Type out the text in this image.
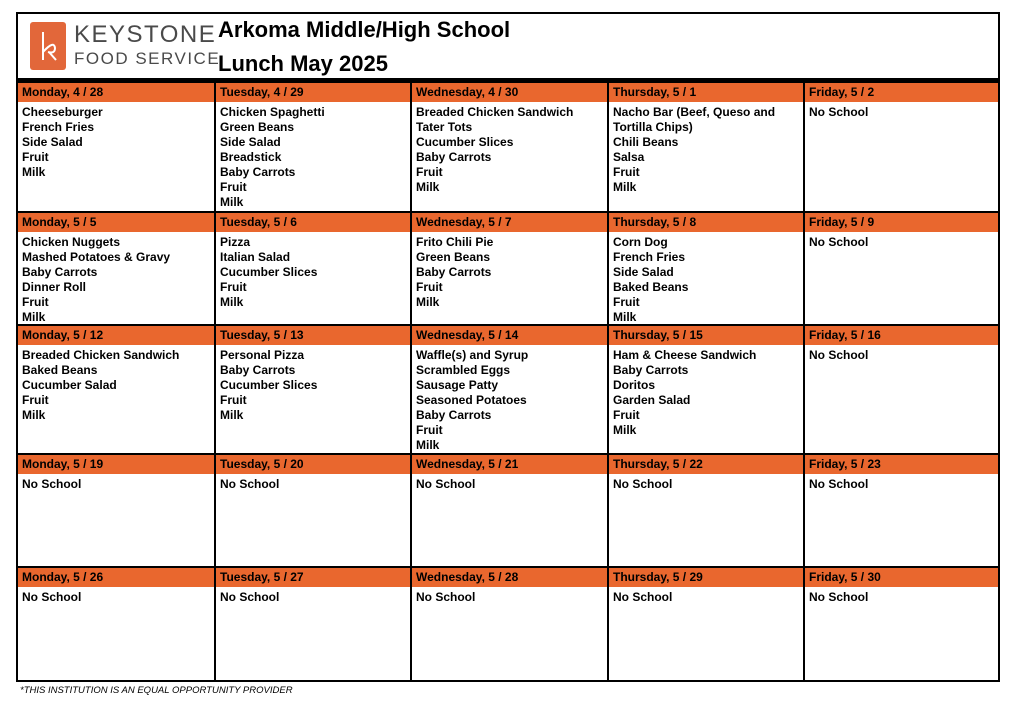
KEYSTONE
FOOD SERVICE
Arkoma Middle/High School
Lunch May 2025
Monday, 4 / 28
Cheeseburger
French Fries
Side Salad
Fruit
Milk
Tuesday, 4 / 29
Chicken Spaghetti
Green Beans
Side Salad
Breadstick
Baby Carrots
Fruit
Milk
Wednesday, 4 / 30
Breaded Chicken Sandwich
Tater Tots
Cucumber Slices
Baby Carrots
Fruit
Milk
Thursday, 5 / 1
Nacho Bar (Beef, Queso and
Tortilla Chips)
Chili Beans
Salsa
Fruit
Milk
Friday, 5 / 2
No School
Monday, 5 / 5
Chicken Nuggets
Mashed Potatoes & Gravy
Baby Carrots
Dinner Roll
Fruit
Milk
Tuesday, 5 / 6
Pizza
Italian Salad
Cucumber Slices
Fruit
Milk
Wednesday, 5 / 7
Frito Chili Pie
Green Beans
Baby Carrots
Fruit
Milk
Thursday, 5 / 8
Corn Dog
French Fries
Side Salad
Baked Beans
Fruit
Milk
Friday, 5 / 9
No School
Monday, 5 / 12
Breaded Chicken Sandwich
Baked Beans
Cucumber Salad
Fruit
Milk
Tuesday, 5 / 13
Personal Pizza
Baby Carrots
Cucumber Slices
Fruit
Milk
Wednesday, 5 / 14
Waffle(s) and Syrup
Scrambled Eggs
Sausage Patty
Seasoned Potatoes
Baby Carrots
Fruit
Milk
Thursday, 5 / 15
Ham & Cheese Sandwich
Baby Carrots
Doritos
Garden Salad
Fruit
Milk
Friday, 5 / 16
No School
Monday, 5 / 19
No School
Tuesday, 5 / 20
No School
Wednesday, 5 / 21
No School
Thursday, 5 / 22
No School
Friday, 5 / 23
No School
Monday, 5 / 26
No School
Tuesday, 5 / 27
No School
Wednesday, 5 / 28
No School
Thursday, 5 / 29
No School
Friday, 5 / 30
No School
*THIS INSTITUTION IS AN EQUAL OPPORTUNITY PROVIDER
